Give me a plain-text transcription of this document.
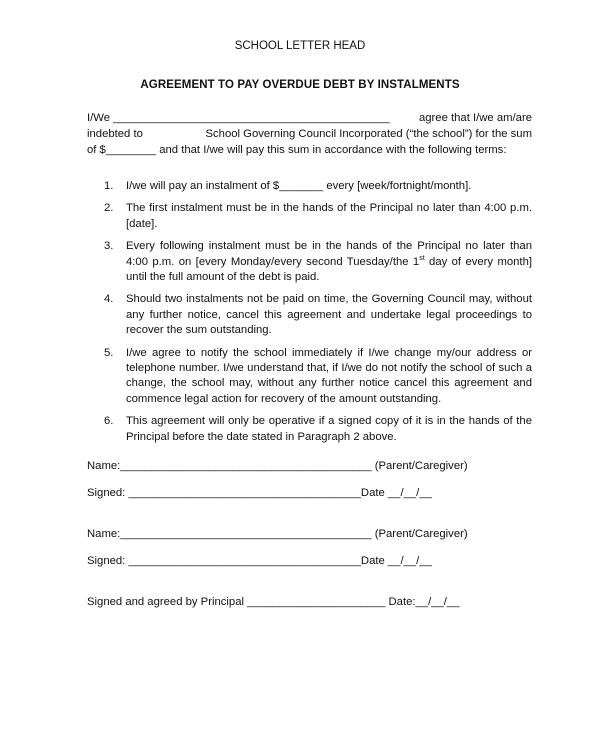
SCHOOL LETTER HEAD
AGREEMENT TO PAY OVERDUE DEBT BY INSTALMENTS
I/We ____________________________________________	agree that I/we am/are
indebted to	School Governing Council Incorporated (“the school”) for the sum
of $________ and that I/we will pay this sum in accordance with the following terms:
1. I/we will pay an instalment of $_______ every [week/fortnight/month].
2. The first instalment must be in the hands of the Principal no later than 4:00 p.m. [date].
3. Every following instalment must be in the hands of the Principal no later than 4:00 p.m. on [every Monday/every second Tuesday/the 1st day of every month] until the full amount of the debt is paid.
4. Should two instalments not be paid on time, the Governing Council may, without any further notice, cancel this agreement and undertake legal proceedings to recover the sum outstanding.
5. I/we agree to notify the school immediately if I/we change my/our address or telephone number. I/we understand that, if I/we do not notify the school of such a change, the school may, without any further notice cancel this agreement and commence legal action for recovery of the amount outstanding.
6. This agreement will only be operative if a signed copy of it is in the hands of the Principal before the date stated in Paragraph 2 above.
Name:________________________________________ (Parent/Caregiver)
Signed: _____________________________________Date __/__/__
Name:________________________________________ (Parent/Caregiver)
Signed: _____________________________________Date __/__/__
Signed and agreed by Principal ______________________ Date:__/__/__
